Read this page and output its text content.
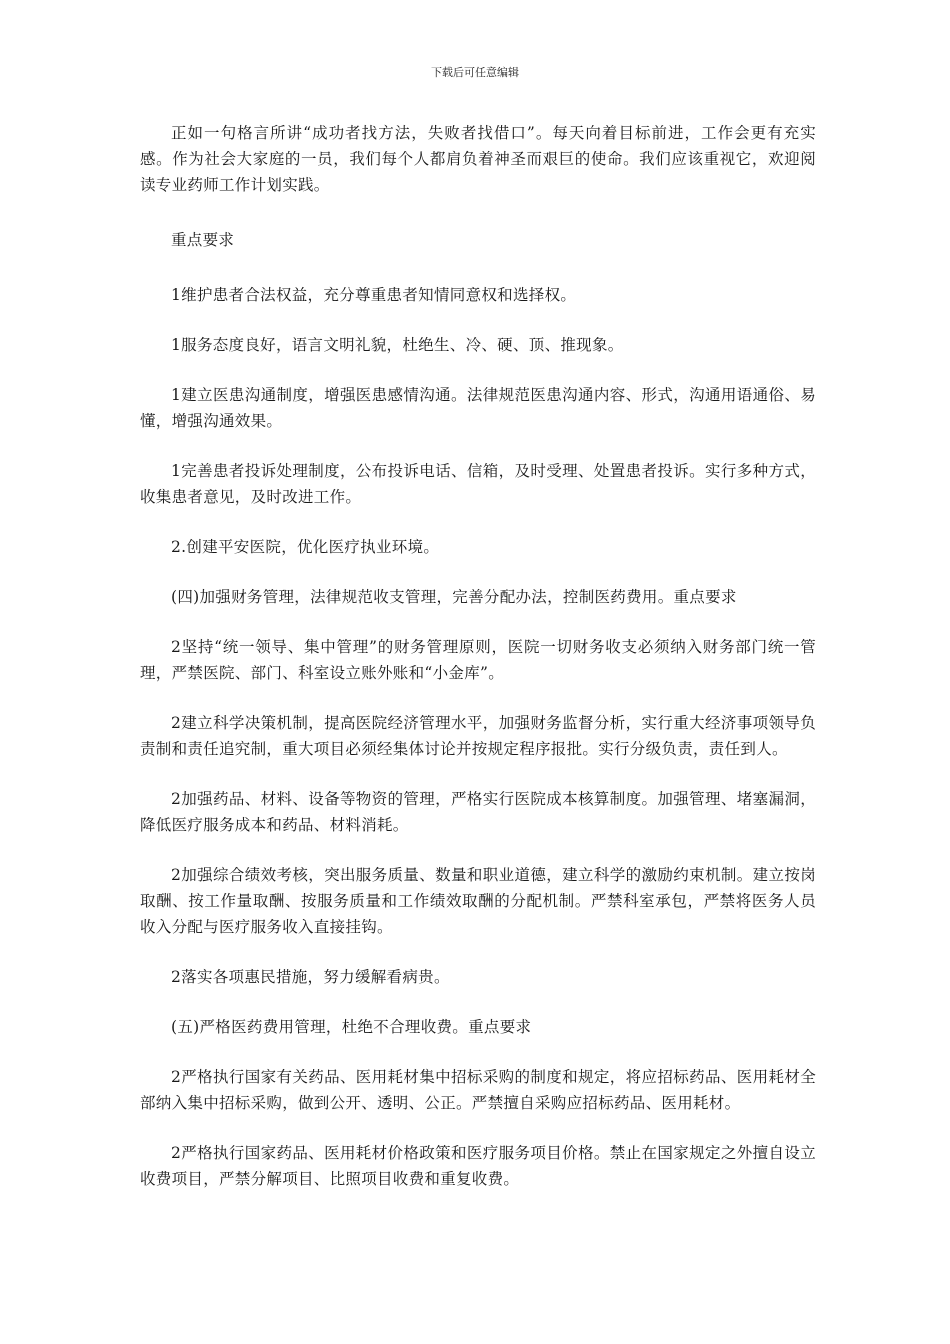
下载后可任意编辑

正如一句格言所讲“成功者找方法，失败者找借口”。每天向着目标前进，工作会更有充实感。作为社会大家庭的一员，我们每个人都肩负着神圣而艰巨的使命。我们应该重视它，欢迎阅读专业药师工作计划实践。

重点要求

1维护患者合法权益，充分尊重患者知情同意权和选择权。

1服务态度良好，语言文明礼貌，杜绝生、冷、硬、顶、推现象。

1建立医患沟通制度，增强医患感情沟通。法律规范医患沟通内容、形式，沟通用语通俗、易懂，增强沟通效果。

1完善患者投诉处理制度，公布投诉电话、信箱，及时受理、处置患者投诉。实行多种方式，收集患者意见，及时改进工作。

2.创建平安医院，优化医疗执业环境。

(四)加强财务管理，法律规范收支管理，完善分配办法，控制医药费用。重点要求

2坚持“统一领导、集中管理”的财务管理原则，医院一切财务收支必须纳入财务部门统一管理，严禁医院、部门、科室设立账外账和“小金库”。

2建立科学决策机制，提高医院经济管理水平，加强财务监督分析，实行重大经济事项领导负责制和责任追究制，重大项目必须经集体讨论并按规定程序报批。实行分级负责，责任到人。

2加强药品、材料、设备等物资的管理，严格实行医院成本核算制度。加强管理、堵塞漏洞，降低医疗服务成本和药品、材料消耗。

2加强综合绩效考核，突出服务质量、数量和职业道德，建立科学的激励约束机制。建立按岗取酬、按工作量取酬、按服务质量和工作绩效取酬的分配机制。严禁科室承包，严禁将医务人员收入分配与医疗服务收入直接挂钩。

2落实各项惠民措施，努力缓解看病贵。

(五)严格医药费用管理，杜绝不合理收费。重点要求

2严格执行国家有关药品、医用耗材集中招标采购的制度和规定，将应招标药品、医用耗材全部纳入集中招标采购，做到公开、透明、公正。严禁擅自采购应招标药品、医用耗材。

2严格执行国家药品、医用耗材价格政策和医疗服务项目价格。禁止在国家规定之外擅自设立收费项目，严禁分解项目、比照项目收费和重复收费。
